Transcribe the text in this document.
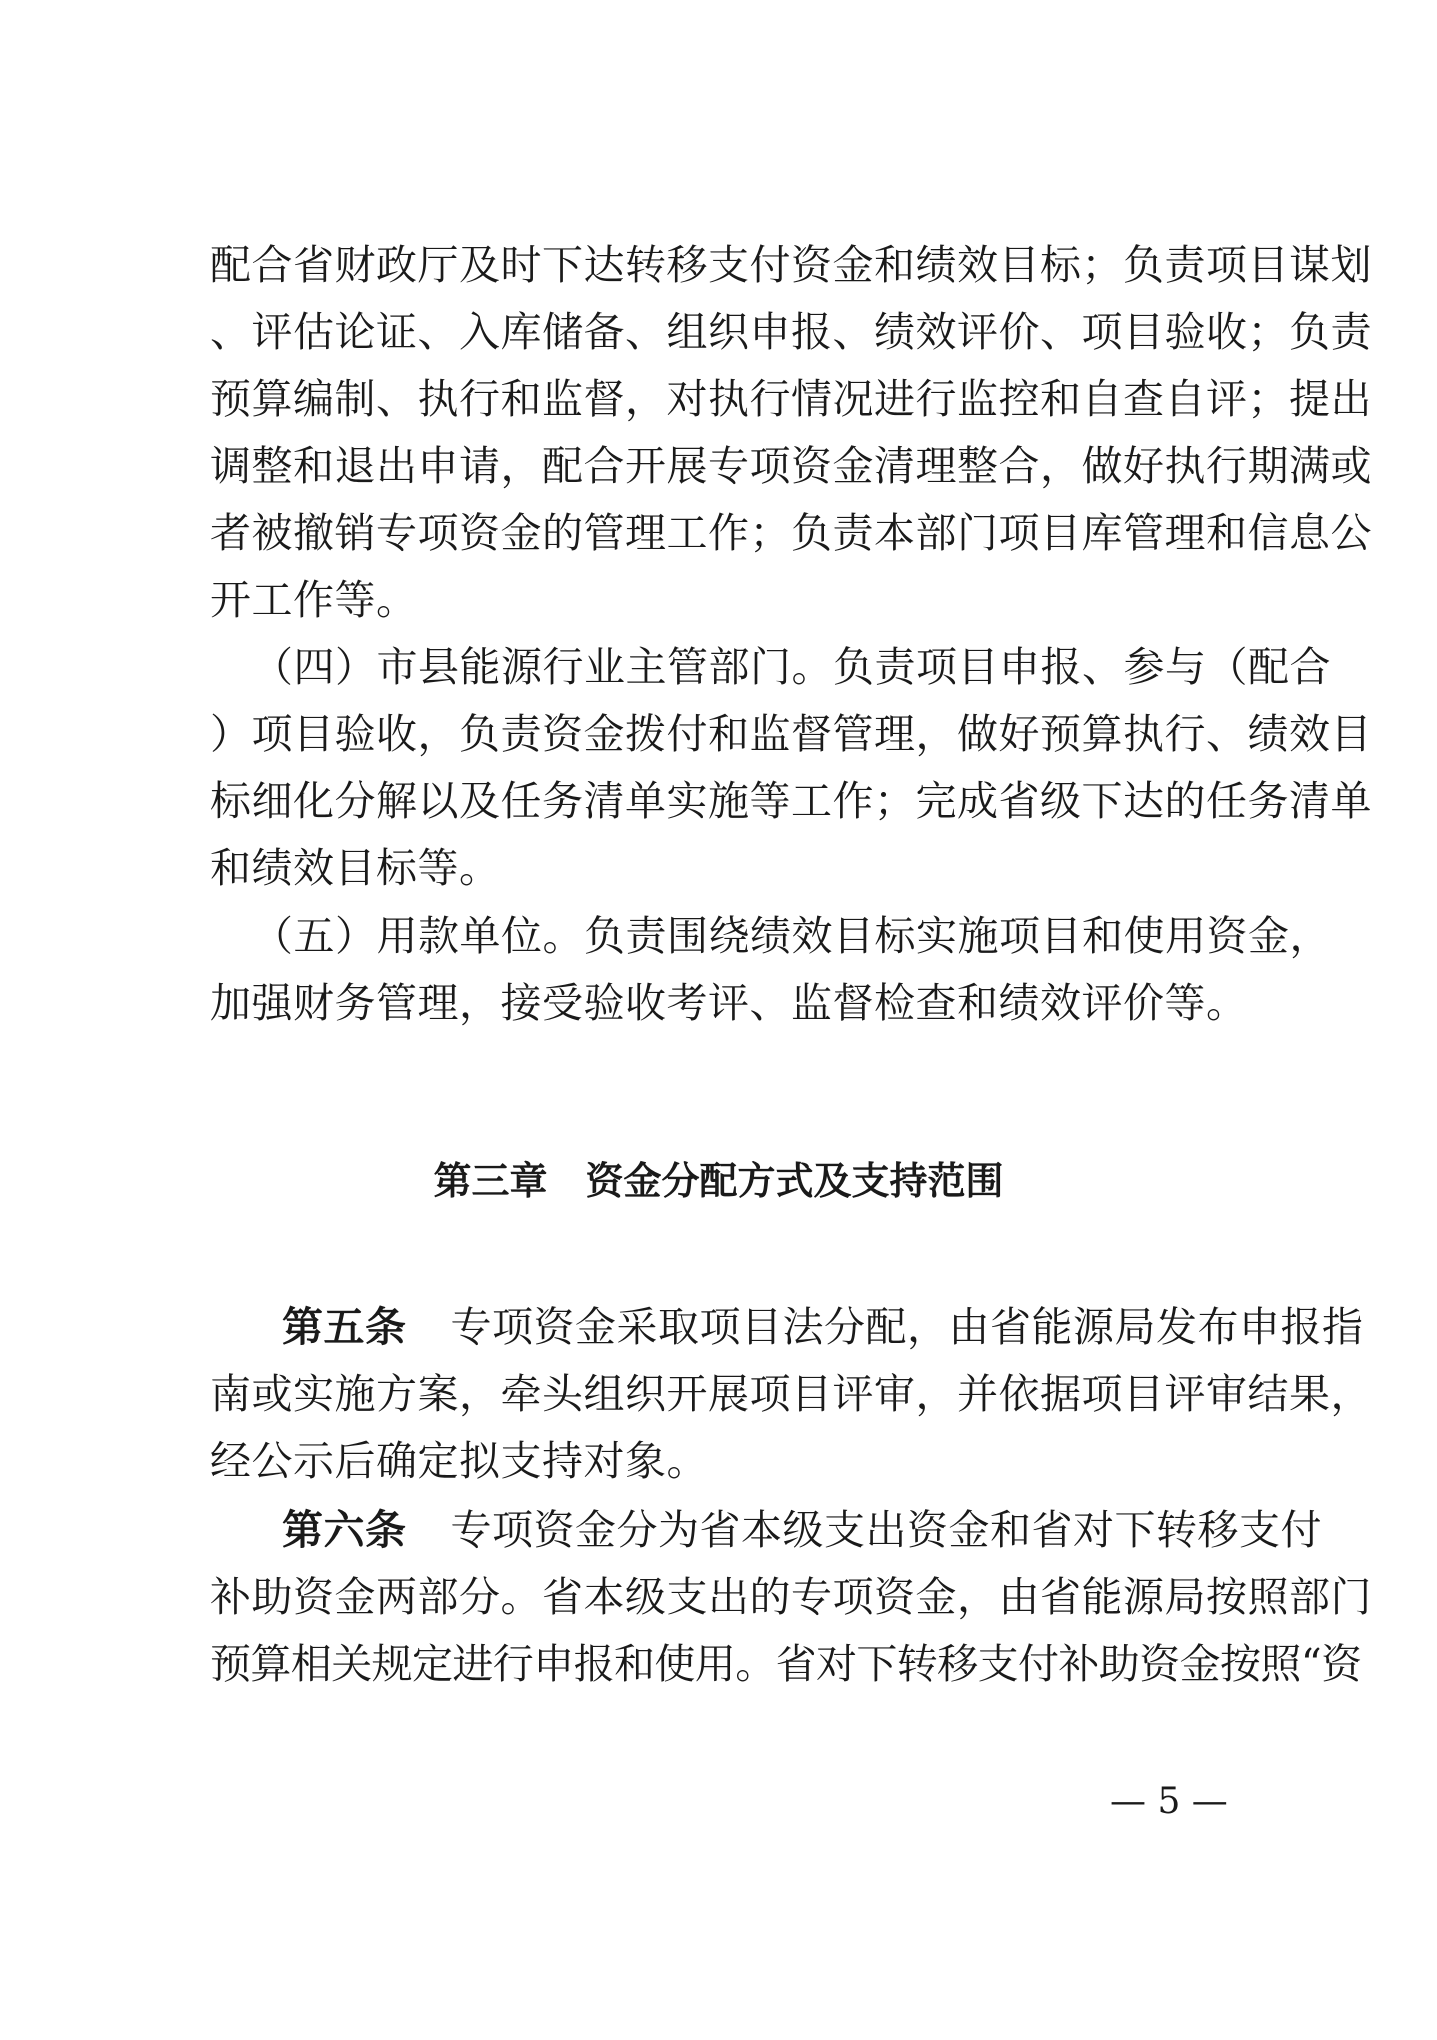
配合省财政厅及时下达转移支付资金和绩效目标；负责项目谋划
、评估论证、入库储备、组织申报、绩效评价、项目验收；负责
预算编制、执行和监督，对执行情况进行监控和自查自评；提出
调整和退出申请，配合开展专项资金清理整合，做好执行期满或
者被撤销专项资金的管理工作；负责本部门项目库管理和信息公
开工作等。
（四）市县能源行业主管部门。负责项目申报、参与（配合
）项目验收，负责资金拨付和监督管理，做好预算执行、绩效目
标细化分解以及任务清单实施等工作；完成省级下达的任务清单
和绩效目标等。
（五）用款单位。负责围绕绩效目标实施项目和使用资金，
加强财务管理，接受验收考评、监督检查和绩效评价等。
第三章　资金分配方式及支持范围
第五条 专项资金采取项目法分配，由省能源局发布申报指
南或实施方案，牵头组织开展项目评审，并依据项目评审结果，
经公示后确定拟支持对象。
第六条 专项资金分为省本级支出资金和省对下转移支付
补助资金两部分。省本级支出的专项资金，由省能源局按照部门
预算相关规定进行申报和使用。省对下转移支付补助资金按照“资
— 5 —
